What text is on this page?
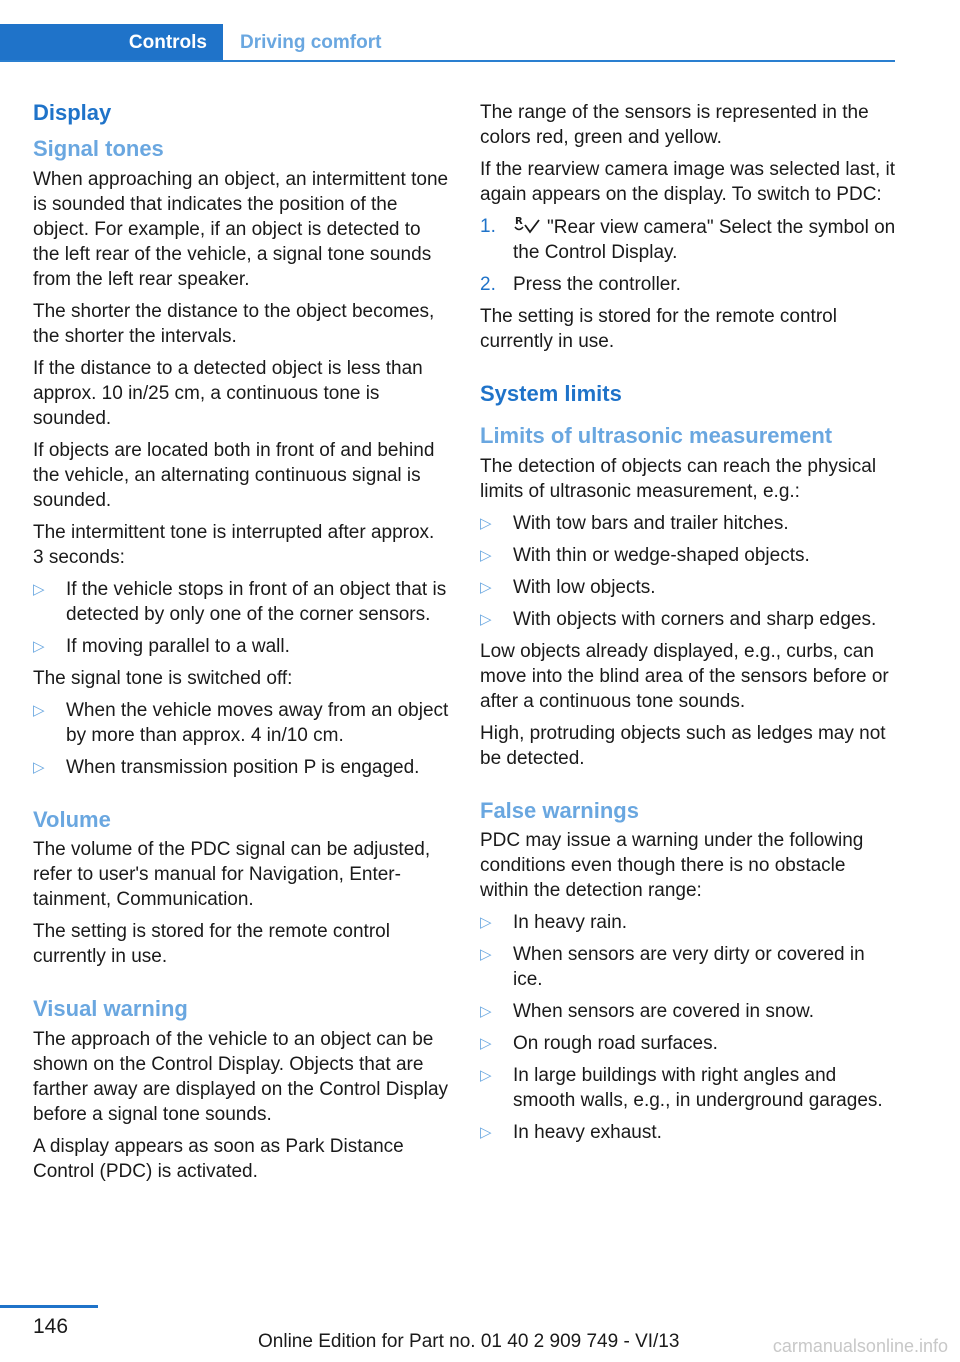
Controls	Driving comfort
Display
Signal tones

When approaching an object, an intermittent tone is sounded that indicates the position of the object. For example, if an object is detected to the left rear of the vehicle, a signal tone sounds from the left rear speaker.

The shorter the distance to the object becomes, the shorter the intervals.

If the distance to a detected object is less than approx. 10 in/25 cm, a continuous tone is sounded.

If objects are located both in front of and behind the vehicle, an alternating continuous signal is sounded.

The intermittent tone is interrupted after approx. 3 seconds:

▷ If the vehicle stops in front of an object that is detected by only one of the corner sensors.
▷ If moving parallel to a wall.

The signal tone is switched off:

▷ When the vehicle moves away from an object by more than approx. 4 in/10 cm.
▷ When transmission position P is engaged.
Volume

The volume of the PDC signal can be adjusted, refer to user's manual for Navigation, Entertainment, Communication.

The setting is stored for the remote control currently in use.

Visual warning

The approach of the vehicle to an object can be shown on the Control Display. Objects that are farther away are displayed on the Control Display before a signal tone sounds.

A display appears as soon as Park Distance Control (PDC) is activated.

The range of the sensors is represented in the colors red, green and yellow.

If the rearview camera image was selected last, it again appears on the display. To switch to PDC:

1. R "Rear view camera" Select the symbol on the Control Display.
2. Press the controller.

The setting is stored for the remote control currently in use.

System limits
Limits of ultrasonic measurement

The detection of objects can reach the physical limits of ultrasonic measurement, e.g.:

▷ With tow bars and trailer hitches.
▷ With thin or wedge-shaped objects.
▷ With low objects.
▷ With objects with corners and sharp edges.

Low objects already displayed, e.g., curbs, can move into the blind area of the sensors before or after a continuous tone sounds.

High, protruding objects such as ledges may not be detected.

False warnings

PDC may issue a warning under the following conditions even though there is no obstacle within the detection range:

▷ In heavy rain.
▷ When sensors are very dirty or covered in ice.
▷ When sensors are covered in snow.
▷ On rough road surfaces.
▷ In large buildings with right angles and smooth walls, e.g., in underground garages.
▷ In heavy exhaust.
146
Online Edition for Part no. 01 40 2 909 749 - VI/13	carmanualsonline.info
